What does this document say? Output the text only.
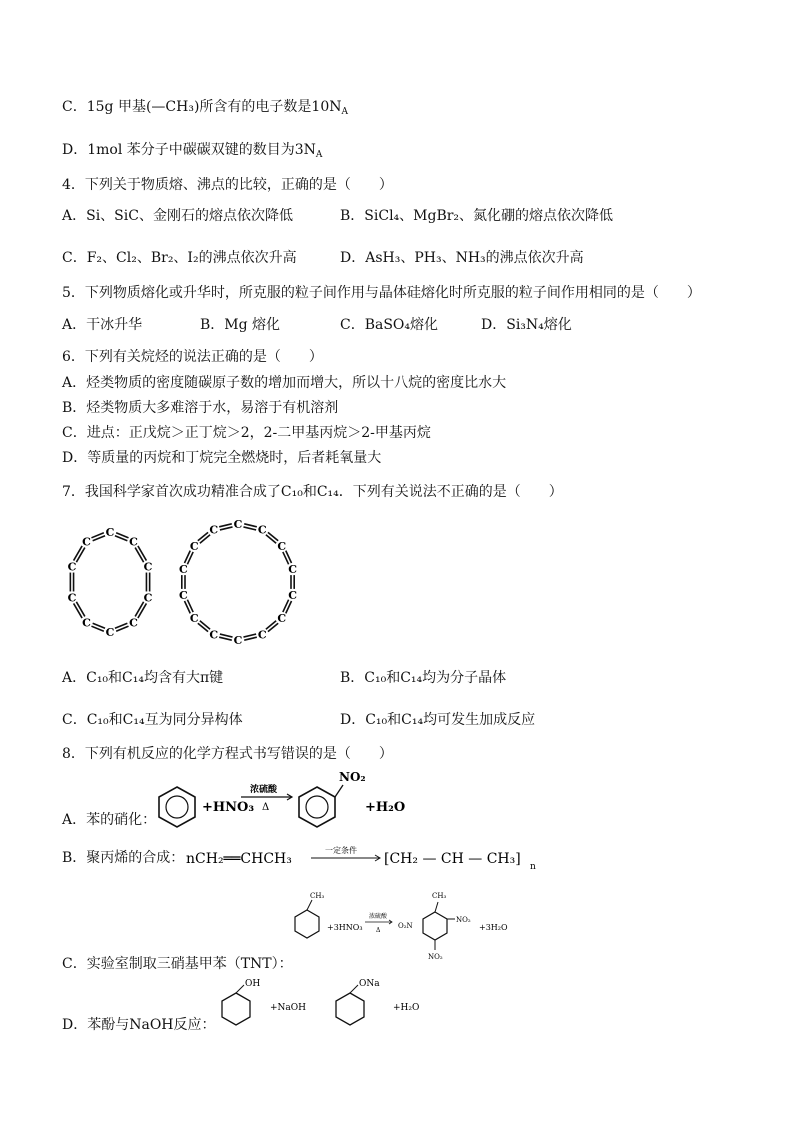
C．15g 甲基(—CH₃)所含有的电子数是$10N_A$
D．1mol 苯分子中碳碳双键的数目为$3N_A$
4．下列关于物质熔、沸点的比较，正确的是（　　）
A．Si、SiC、金刚石的熔点依次降低	B．SiCl₄、MgBr₂、氮化硼的熔点依次降低
C．F₂、Cl₂、Br₂、I₂的沸点依次升高	D．AsH₃、PH₃、NH₃的沸点依次升高
5．下列物质熔化或升华时，所克服的粒子间作用与晶体硅熔化时所克服的粒子间作用相同的是（　　）
A．干冰升华	B．Mg 熔化	C．BaSO₄熔化	D．Si₃N₄熔化
6．下列有关烷烃的说法正确的是（　　）
A．烃类物质的密度随碳原子数的增加而增大，所以十八烷的密度比水大
B．烃类物质大多难溶于水，易溶于有机溶剂
C．进点：正戊烷＞正丁烷＞2，2-二甲基丙烷＞2-甲基丙烷
D．等质量的丙烷和丁烷完全燃烧时，后者耗氧量大
7．我国科学家首次成功精准合成了C₁₀和C₁₄．下列有关说法不正确的是（　　）
C
C
C
C
C
C
C
C
C
C
C C
C
C
C
C
C
C
C
C
C
C
C
C
A．C₁₀和C₁₄均含有大π键	B．C₁₀和C₁₄均为分子晶体
C．C₁₀和C₁₄互为同分异构体	D．C₁₀和C₁₄均可发生加成反应
8．下列有机反应的化学方程式书写错误的是（　　）
A．苯的硝化：
+HNO₃
浓硫酸
Δ
NO₂
+H₂O
B．聚丙烯的合成： nCH₂══CHCH₃
一定条件
[CH₂ — CH — CH₃] n
C．实验室制取三硝基甲苯（TNT）：
CH₃
+3HNO₃
浓硫酸
Δ
O₂N
CH₃
NO₂
NO₂
+3H₂O
D．苯酚与NaOH反应：
OH
+NaOH
ONa
+H₂O
